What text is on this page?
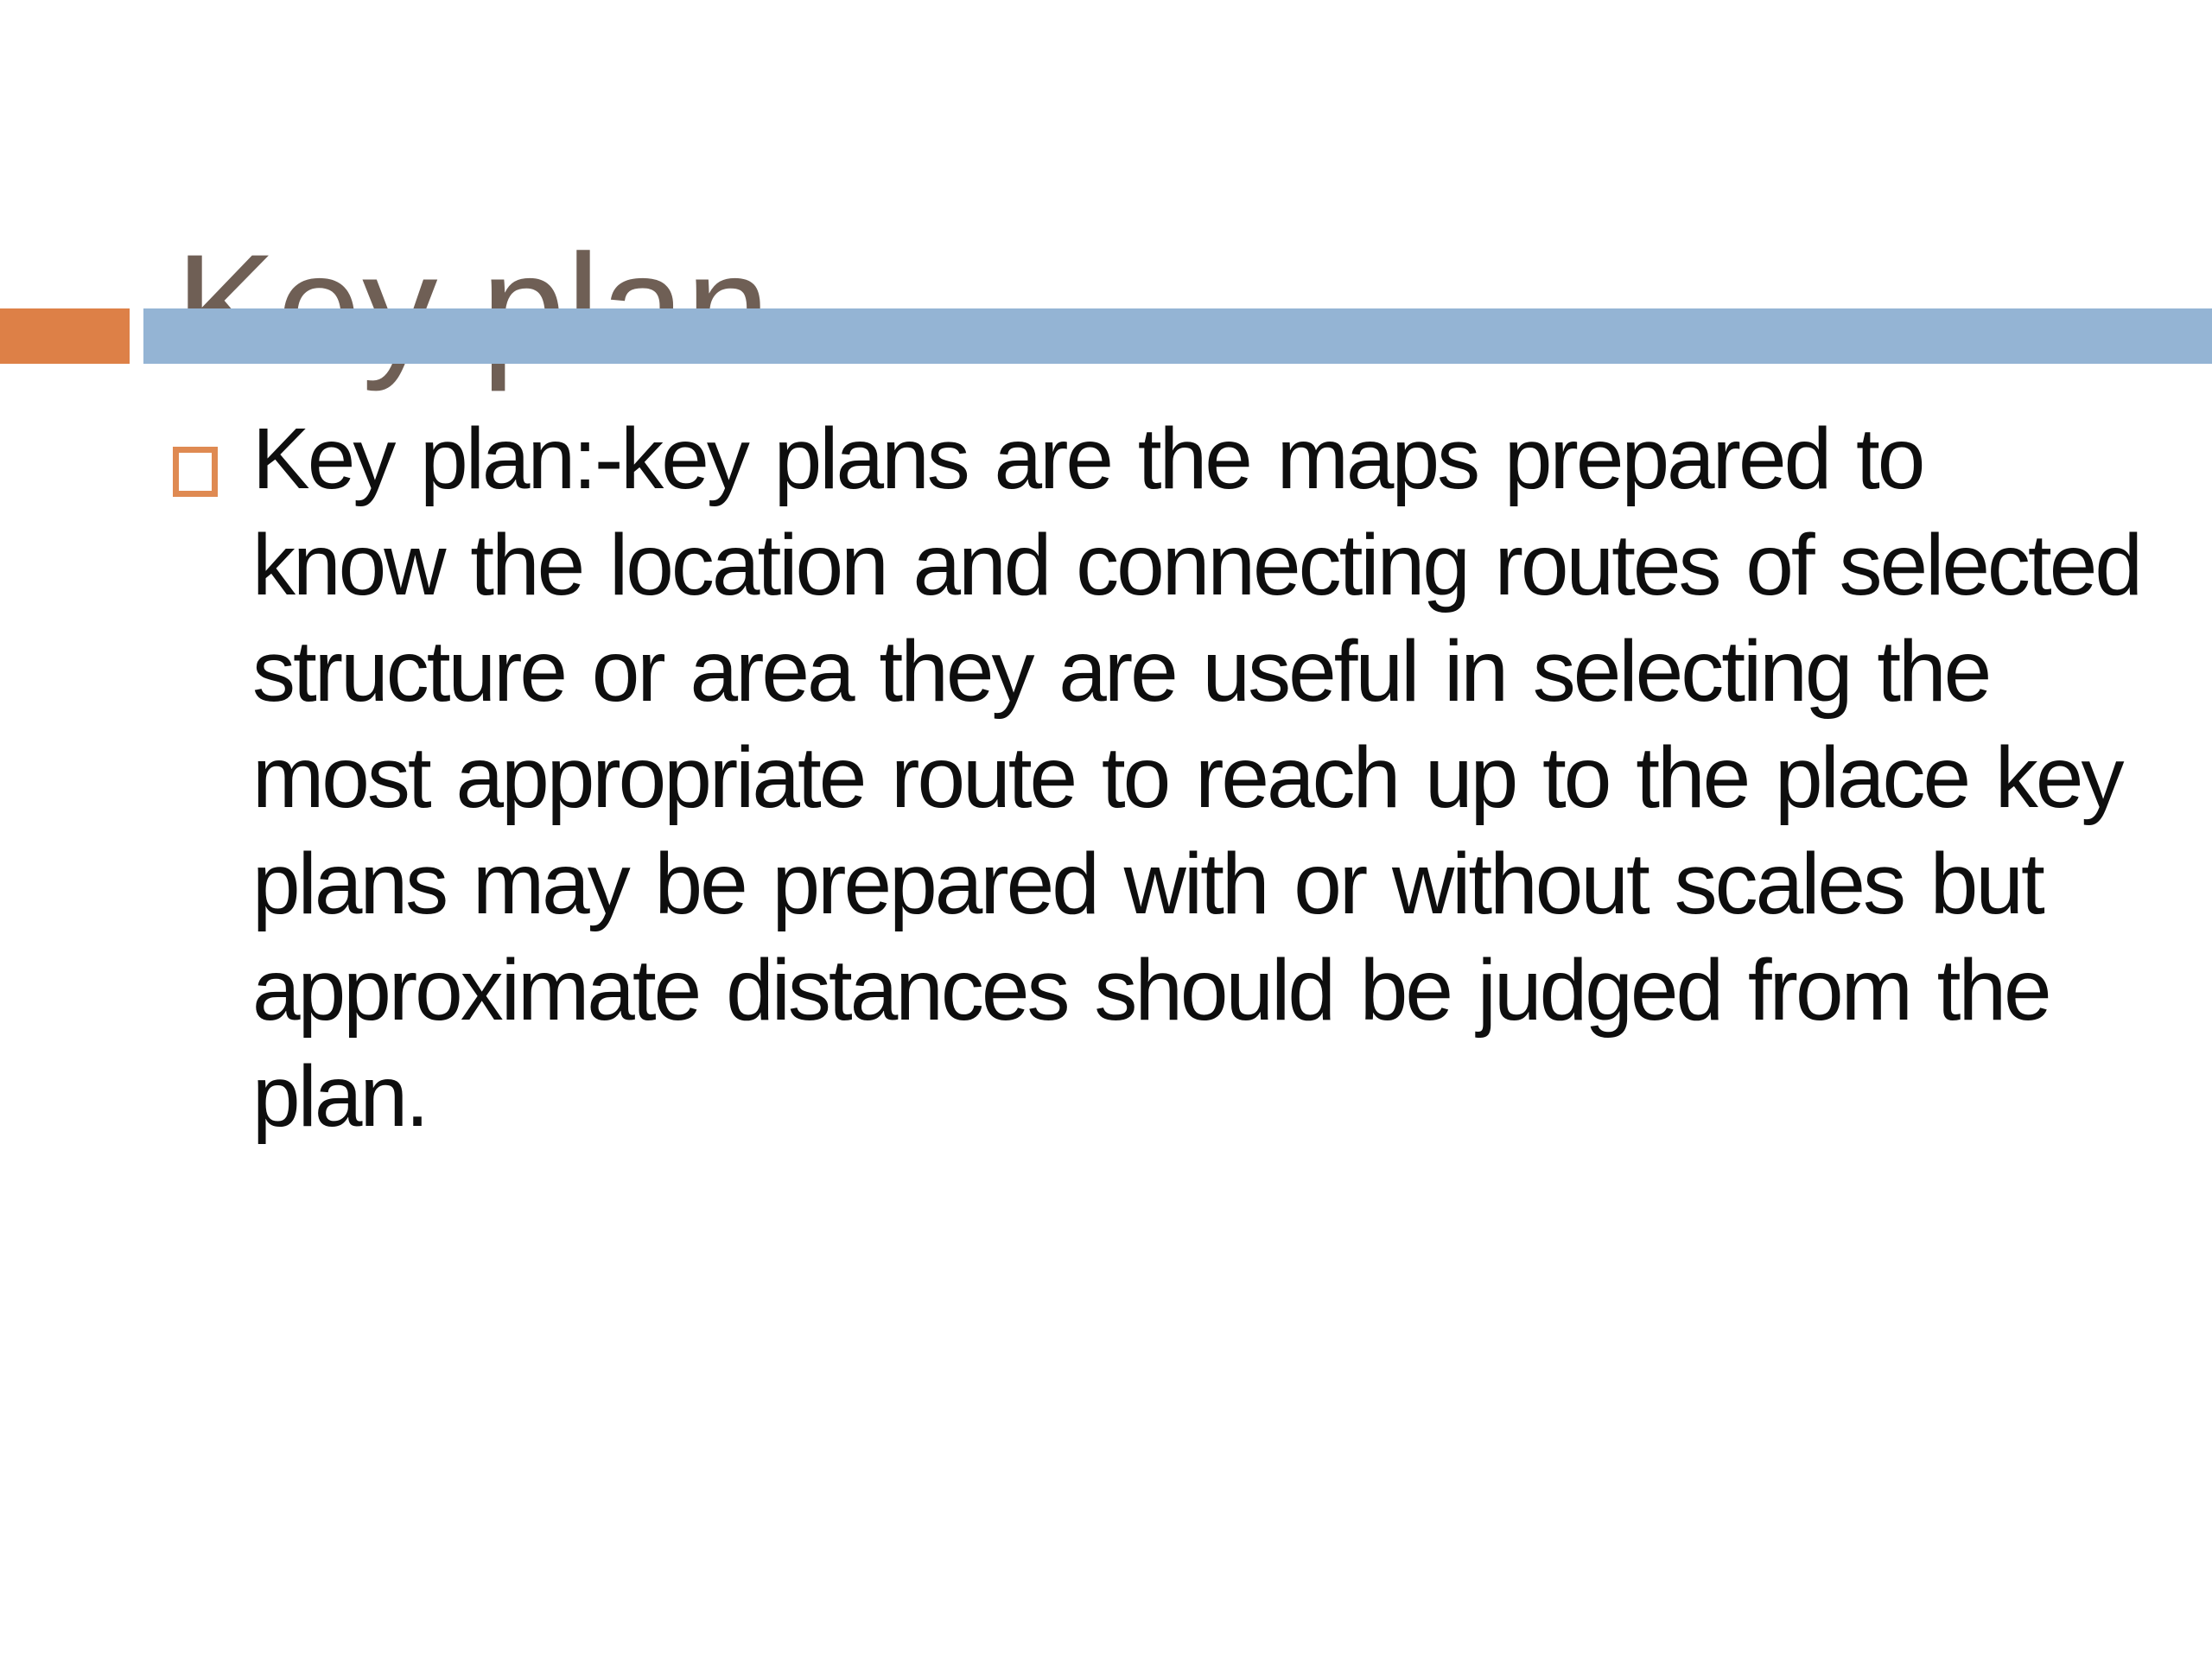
Key plan:-key plans are the maps prepared to
know the location and connecting routes of selected
structure or area they are useful in selecting the
most appropriate route to reach up to the place key
plans may be prepared with or without scales but
approximate distances should be judged from the
plan.
